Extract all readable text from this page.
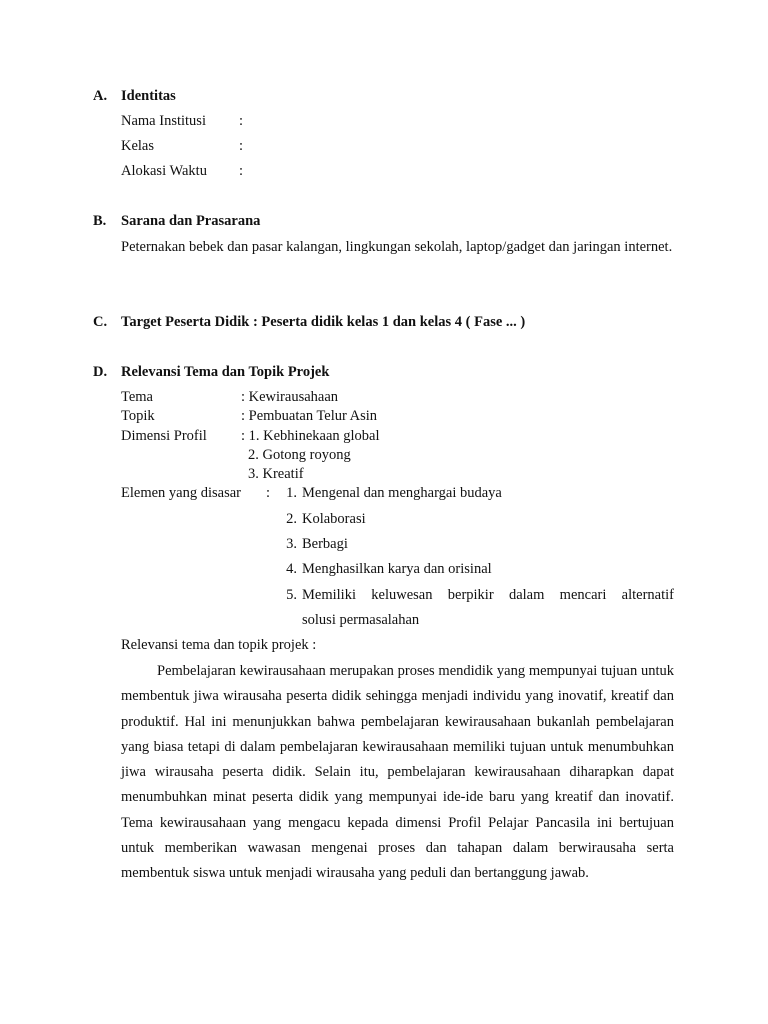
A. Identitas
Nama Institusi :
Kelas	:
Alokasi Waktu :
B. Sarana dan Prasarana
Peternakan bebek dan pasar kalangan, lingkungan sekolah, laptop/gadget dan jaringan internet.
C. Target Peserta Didik : Peserta didik kelas 1 dan kelas 4 ( Fase ... )
D. Relevansi Tema dan Topik Projek
Tema	: Kewirausahaan
Topik	: Pembuatan Telur Asin
Dimensi Profil : 1. Kebhinekaan global
2. Gotong royong
3. Kreatif
Elemen yang disasar :	1. Mengenal dan menghargai budaya
2. Kolaborasi
3. Berbagi
4. Menghasilkan karya dan orisinal
5. Memiliki keluwesan berpikir dalam mencari alternatif
solusi permasalahan
Relevansi tema dan topik projek :
Pembelajaran kewirausahaan merupakan proses mendidik yang mempunyai tujuan untuk membentuk jiwa wirausaha peserta didik sehingga menjadi individu yang inovatif, kreatif dan produktif. Hal ini menunjukkan bahwa pembelajaran kewirausahaan bukanlah pembelajaran yang biasa tetapi di dalam pembelajaran kewirausahaan memiliki tujuan untuk menumbuhkan jiwa wirausaha peserta didik. Selain itu, pembelajaran kewirausahaan diharapkan dapat menumbuhkan minat peserta didik yang mempunyai ide-ide baru yang kreatif dan inovatif. Tema kewirausahaan yang mengacu kepada dimensi Profil Pelajar Pancasila ini bertujuan untuk memberikan wawasan mengenai proses dan tahapan dalam berwirausaha serta membentuk siswa untuk menjadi wirausaha yang peduli dan bertanggung jawab.
